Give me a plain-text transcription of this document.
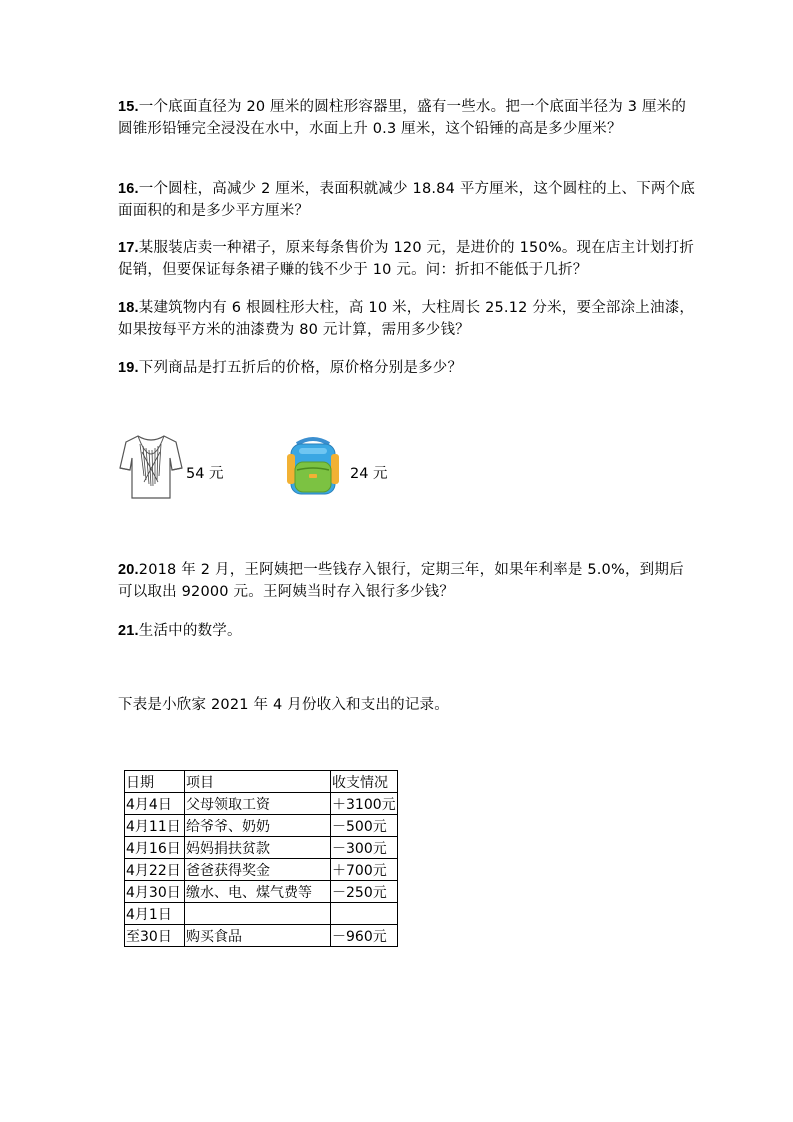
15.一个底面直径为 20 厘米的圆柱形容器里，盛有一些水。把一个底面半径为 3 厘米的圆锥形铅锤完全浸没在水中，水面上升 0.3 厘米，这个铅锤的高是多少厘米？
16.一个圆柱，高减少 2 厘米，表面积就减少 18.84 平方厘米，这个圆柱的上、下两个底面面积的和是多少平方厘米？
17.某服装店卖一种裙子，原来每条售价为 120 元，是进价的 150%。现在店主计划打折促销，但要保证每条裙子赚的钱不少于 10 元。问：折扣不能低于几折？
18.某建筑物内有 6 根圆柱形大柱，高 10 米，大柱周长 25.12 分米，要全部涂上油漆，如果按每平方米的油漆费为 80 元计算，需用多少钱？
19.下列商品是打五折后的价格，原价格分别是多少？
54 元	24 元
20.2018 年 2 月，王阿姨把一些钱存入银行，定期三年，如果年利率是 5.0%，到期后可以取出 92000 元。王阿姨当时存入银行多少钱？
21.生活中的数学。
下表是小欣家 2021 年 4 月份收入和支出的记录。
日期	项目	收支情况
4月4日	父母领取工资	＋3100元
4月11日	给爷爷、奶奶	－500元
4月16日	妈妈捐扶贫款	－300元
4月22日	爸爸获得奖金	＋700元
4月30日	缴水、电、煤气费等	－250元
4月1日		
至30日	购买食品	－960元
